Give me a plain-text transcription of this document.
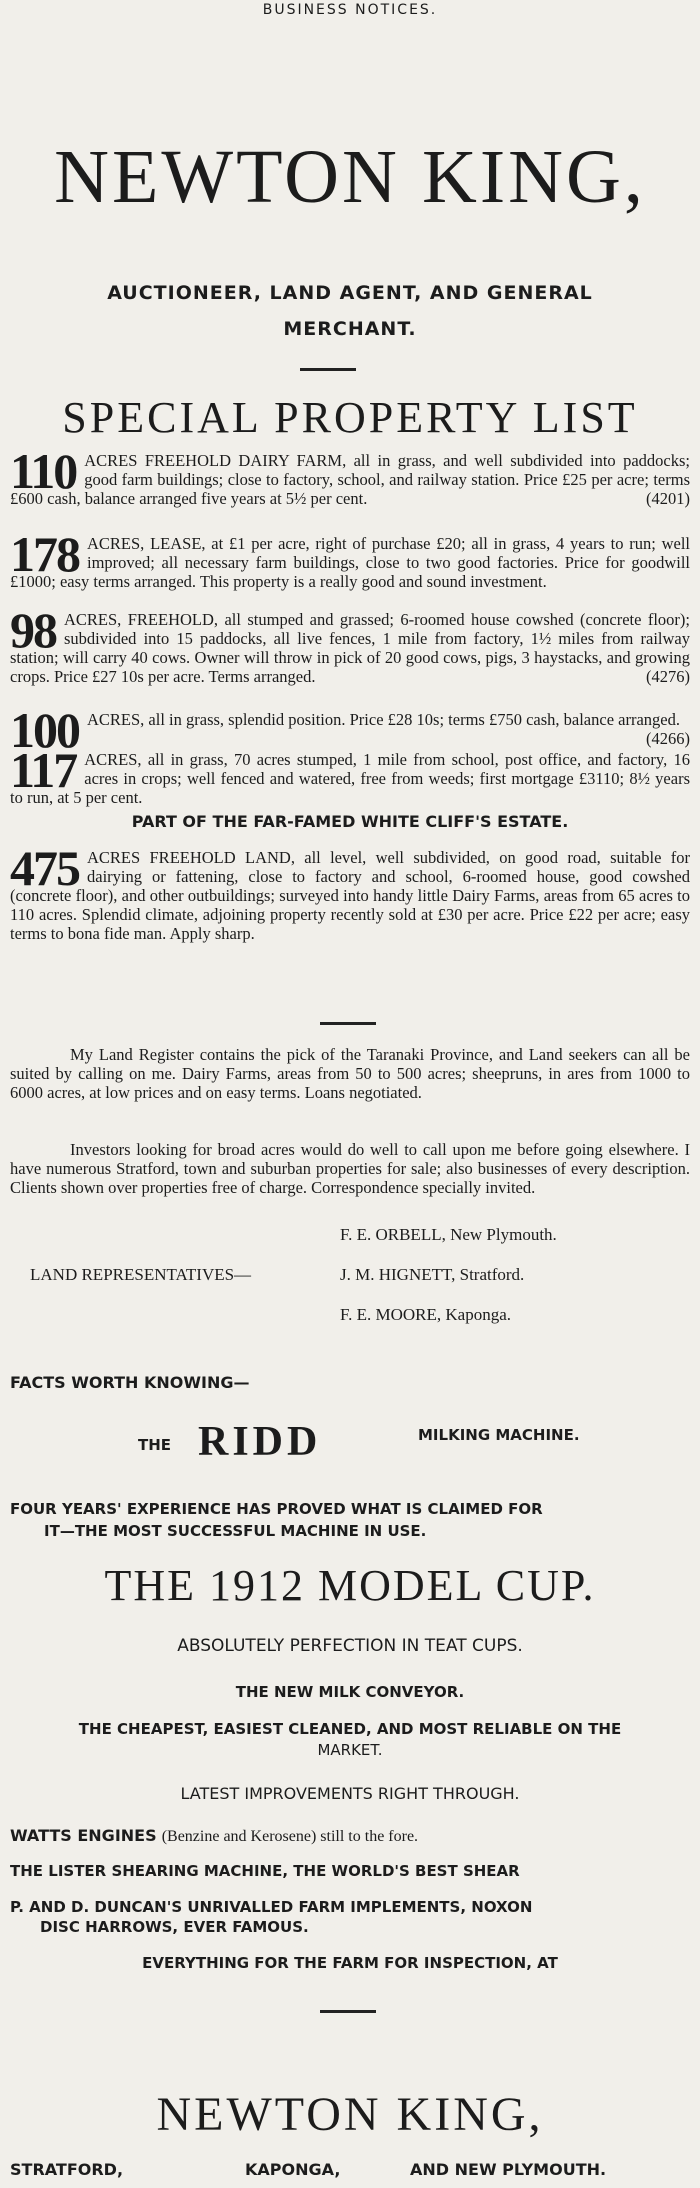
BUSINESS NOTICES.
NEWTON KING,
AUCTIONEER, LAND AGENT, AND GENERAL
MERCHANT.
SPECIAL PROPERTY LIST
110 ACRES FREEHOLD DAIRY FARM, all in grass, and well subdivided into paddocks; good farm buildings; close to factory, school, and railway station. Price £25 per acre; terms £600 cash, balance arranged five years at 5½ per cent.	(4201)
178 ACRES, LEASE, at £1 per acre, right of purchase £20; all in grass, 4 years to run; well improved; all necessary farm buildings, close to two good factories. Price for goodwill £1000; easy terms arranged. This property is a really good and sound investment.
98 ACRES, FREEHOLD, all stumped and grassed; 6-roomed house cowshed (concrete floor); subdivided into 15 paddocks, all live fences, 1 mile from factory, 1½ miles from railway station; will carry 40 cows. Owner will throw in pick of 20 good cows, pigs, 3 haystacks, and growing crops. Price £27 10s per acre. Terms arranged.	(4276)
100 ACRES, all in grass, splendid position. Price £28 10s; terms £750 cash, balance arranged.
(4266)
117 ACRES, all in grass, 70 acres stumped, 1 mile from school, post office, and factory, 16 acres in crops; well fenced and watered, free from weeds; first mortgage £3110; 8½ years to run, at 5 per cent.
PART OF THE FAR-FAMED WHITE CLIFF'S ESTATE.
475 ACRES FREEHOLD LAND, all level, well subdivided, on good road, suitable for dairying or fattening, close to factory and school, 6-roomed house, good cowshed (concrete floor), and other outbuildings; surveyed into handy little Dairy Farms, areas from 65 acres to 110 acres. Splendid climate, adjoining property recently sold at £30 per acre. Price £22 per acre; easy terms to bona fide man. Apply sharp.
My Land Register contains the pick of the Taranaki Province, and Land seekers can all be suited by calling on me. Dairy Farms, areas from 50 to 500 acres; sheepruns, in ares from 1000 to 6000 acres, at low prices and on easy terms. Loans negotiated.
Investors looking for broad acres would do well to call upon me before going elsewhere. I have numerous Stratford, town and suburban properties for sale; also businesses of every description. Clients shown over properties free of charge. Correspondence specially invited.
LAND REPRESENTATIVES—
F. E. ORBELL, New Plymouth.
J. M. HIGNETT, Stratford.
F. E. MOORE, Kaponga.
FACTS WORTH KNOWING—
THE RIDD	MILKING MACHINE.
FOUR YEARS' EXPERIENCE HAS PROVED WHAT IS CLAIMED FOR
IT—THE MOST SUCCESSFUL MACHINE IN USE.
THE 1912 MODEL CUP.
ABSOLUTELY PERFECTION IN TEAT CUPS.
THE NEW MILK CONVEYOR.
THE CHEAPEST, EASIEST CLEANED, AND MOST RELIABLE ON THE
MARKET.
LATEST IMPROVEMENTS RIGHT THROUGH.
WATTS ENGINES (Benzine and Kerosene) still to the fore.
THE LISTER SHEARING MACHINE, THE WORLD'S BEST SHEAR
P. AND D. DUNCAN'S UNRIVALLED FARM IMPLEMENTS, NOXON
DISC HARROWS, EVER FAMOUS.
EVERYTHING FOR THE FARM FOR INSPECTION, AT
NEWTON KING,
STRATFORD,	KAPONGA,	AND NEW PLYMOUTH.
